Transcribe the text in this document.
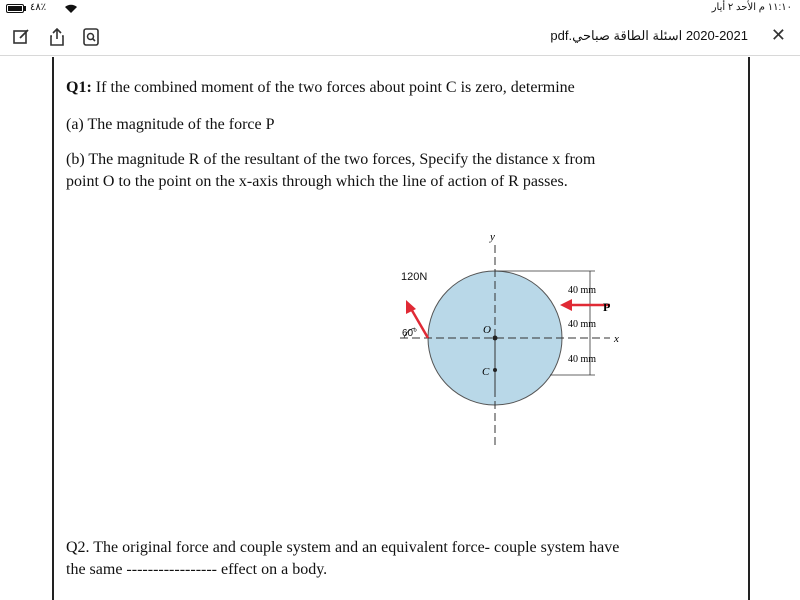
٪٤٨	١١:١٠ م الأحد ٢ أيار
2020-2021 اسئلة الطاقة صباحي.pdf ✕
Q1: If the combined moment of the two forces about point C is zero, determine
(a) The magnitude of the force P
(b) The magnitude R of the resultant of the two forces, Specify the distance x from
point O to the point on the x-axis through which the line of action of R passes.
y
x
O
C
P
40 mm
40 mm
40 mm
120N
60°
Q2. The original force and couple system and an equivalent force- couple system have
the same ----------------- effect on a body.
